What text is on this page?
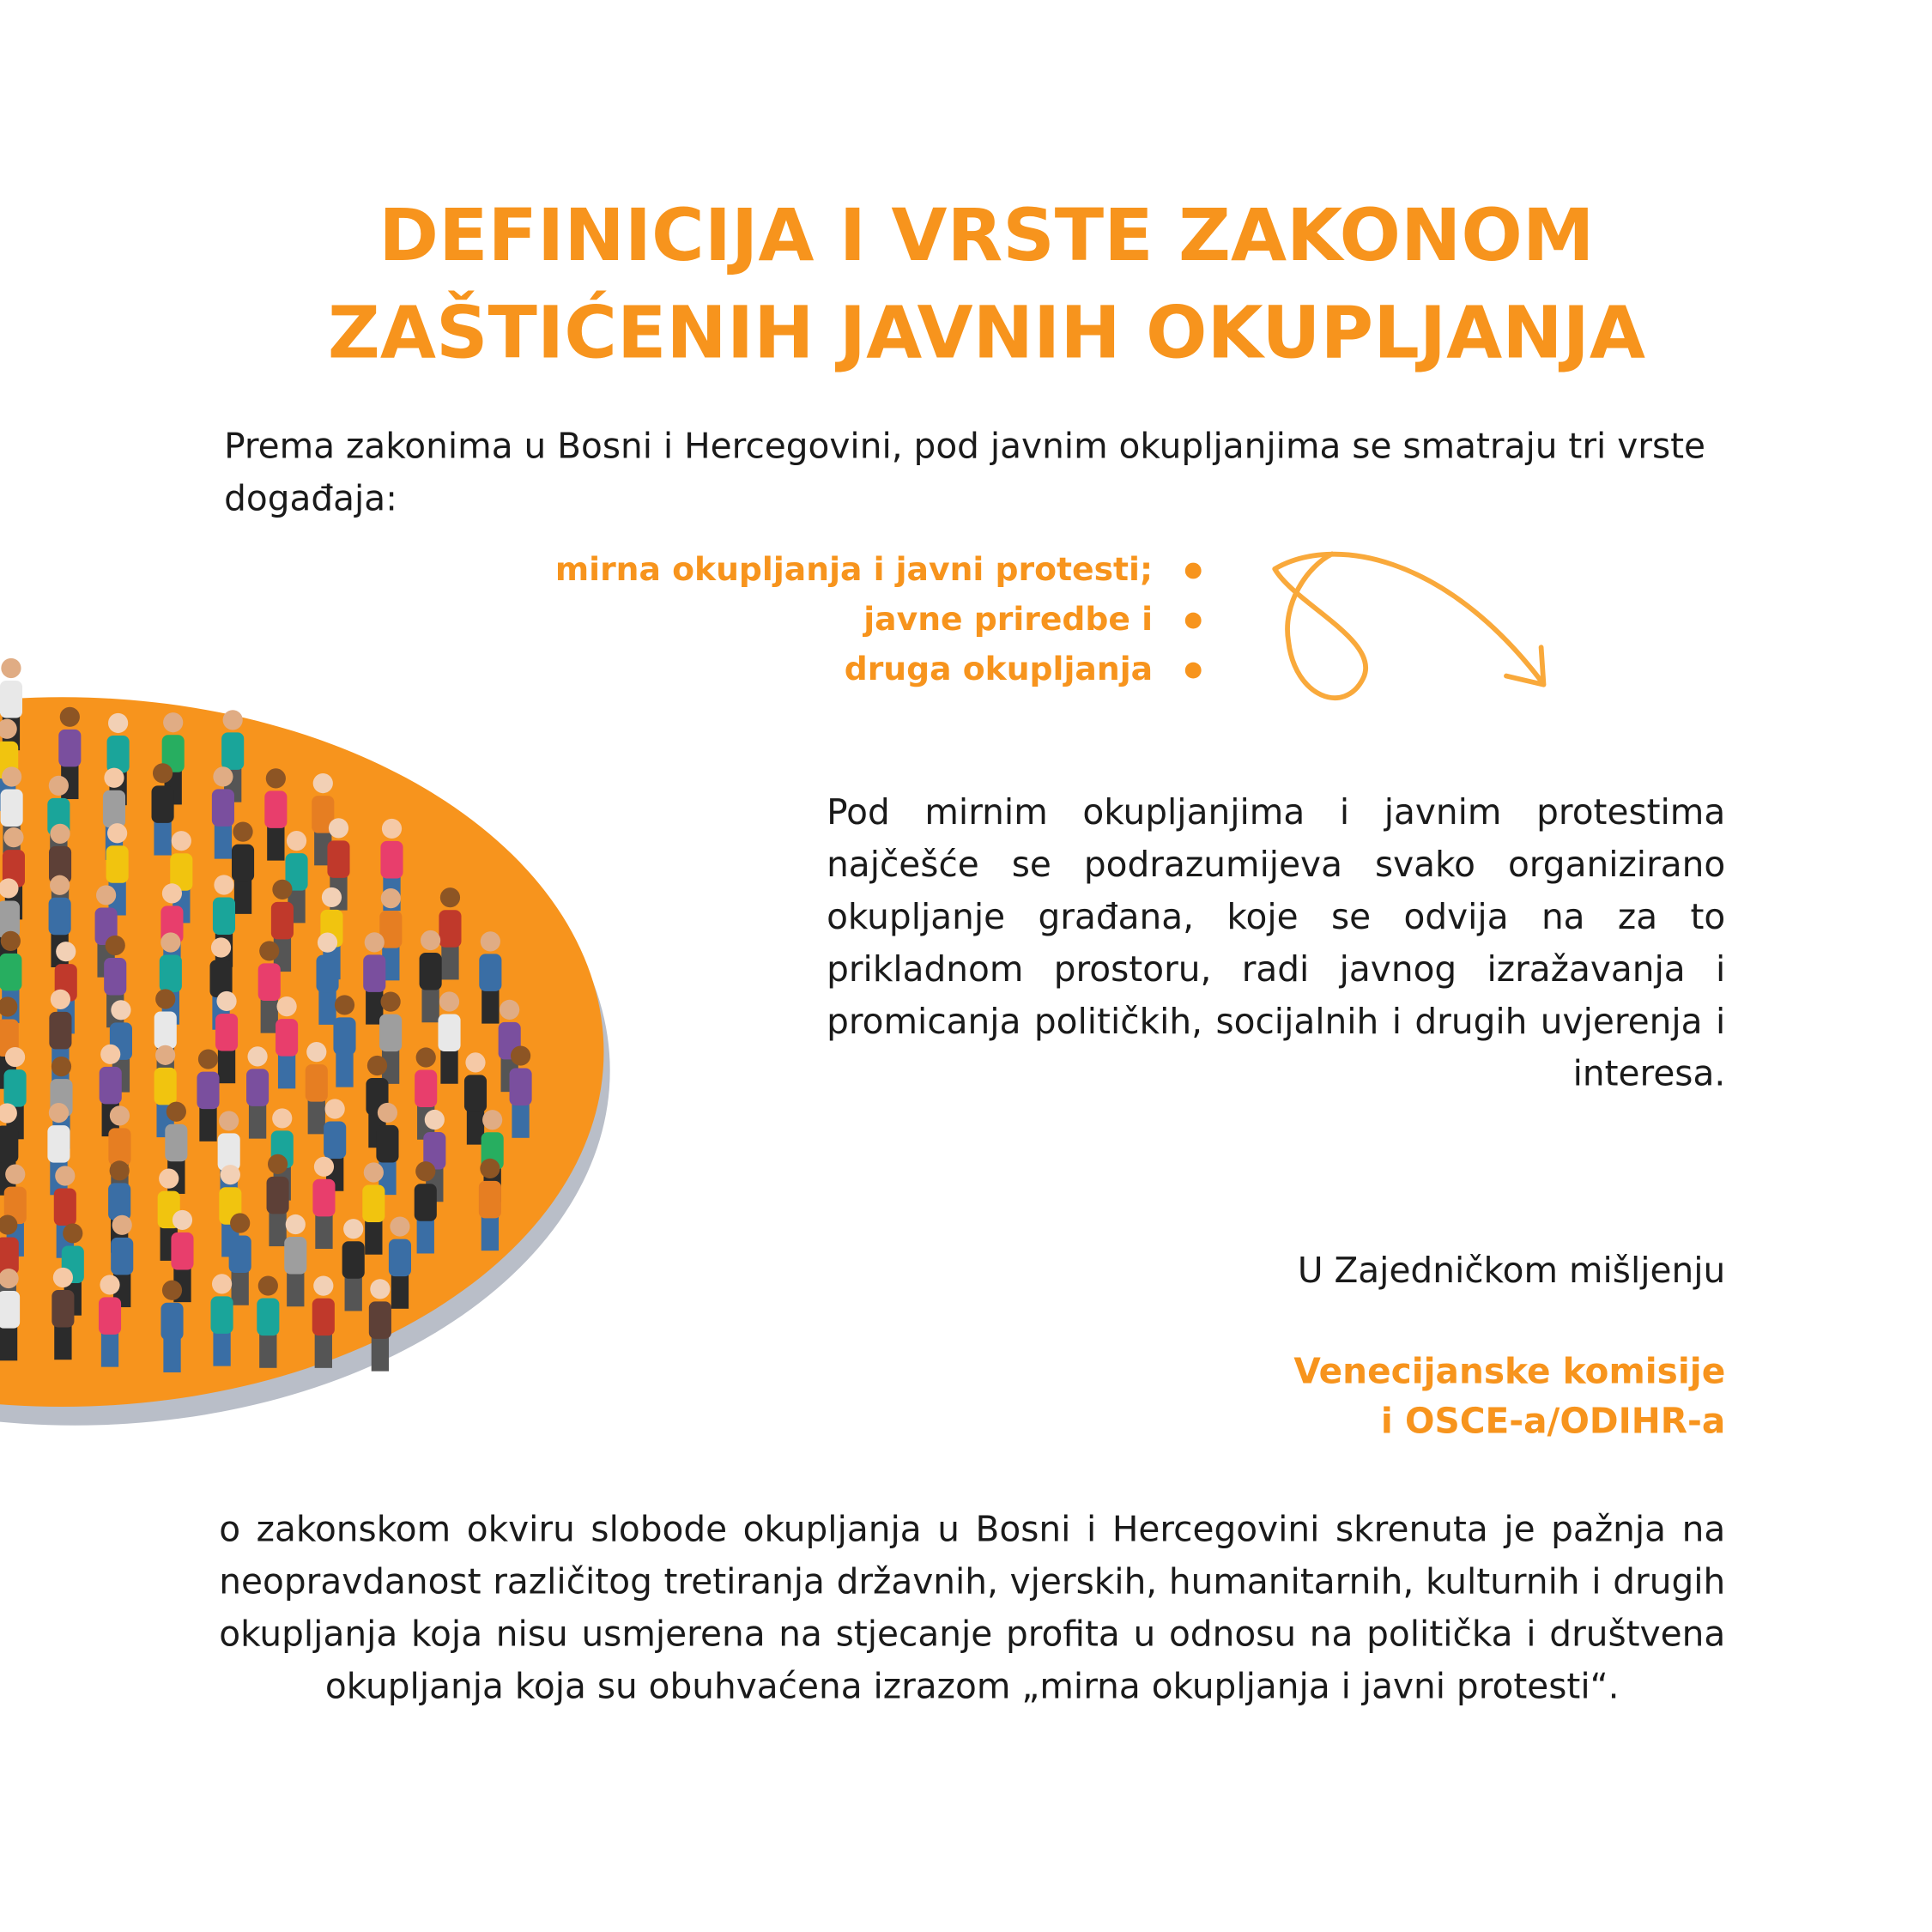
DEFINICIJA I VRSTE ZAKONOM
ZAŠTIĆENIH JAVNIH OKUPLJANJA
Prema zakonima u Bosni i Hercegovini, pod javnim okupljanjima se smatraju tri vrste događaja:
mirna okupljanja i javni protesti;
javne priredbe i
druga okupljanja
Pod mirnim okupljanjima i javnim protestima najčešće se podrazumijeva svako organizirano okupljanje građana, koje se odvija na za to prikladnom prostoru, radi javnog izražavanja i promicanja političkih, socijalnih i drugih uvjerenja i interesa.
U Zajedničkom mišljenju
Venecijanske komisije
i OSCE-a/ODIHR-a
o zakonskom okviru slobode okupljanja u Bosni i Hercegovini skrenuta je pažnja na neopravdanost različitog tretiranja državnih, vjerskih, humanitarnih, kulturnih i drugih okupljanja koja nisu usmjerena na stjecanje profita u odnosu na politička i društvena okupljanja koja su obuhvaćena izrazom „mirna okupljanja i javni protesti“.
